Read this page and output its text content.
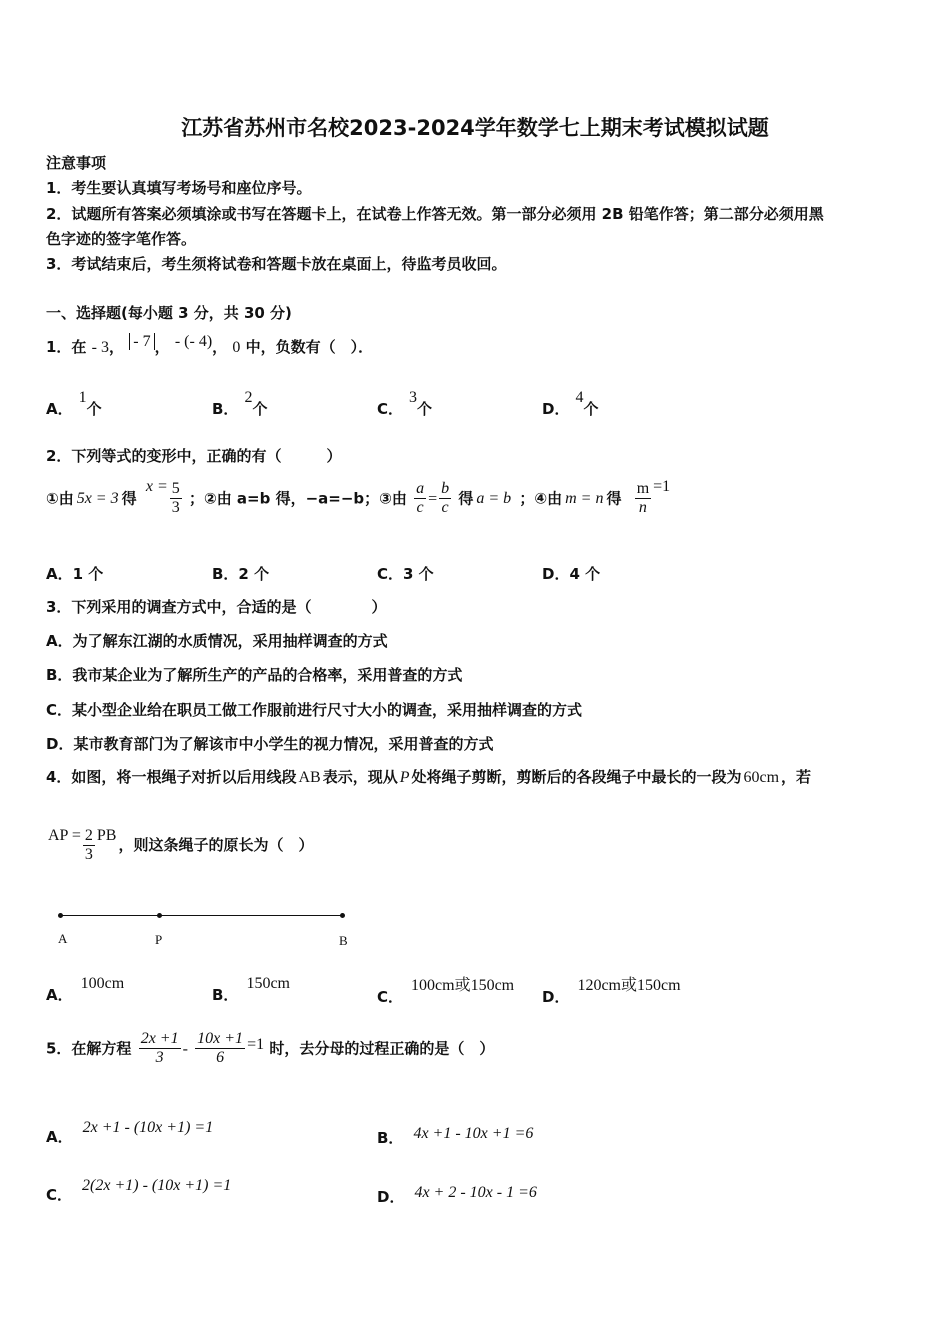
江苏省苏州市名校2023-2024学年数学七上期末考试模拟试题
注意事项
1．考生要认真填写考场号和座位序号。
2．试题所有答案必须填涂或书写在答题卡上，在试卷上作答无效。第一部分必须用 2B 铅笔作答；第二部分必须用黑
色字迹的签字笔作答。
3．考试结束后，考生须将试卷和答题卡放在桌面上，待监考员收回。
一、选择题(每小题 3 分，共 30 分)
1．在 - 3， - 7 ， - (- 4)， 0 中，负数有（　）．
A．1个	B．2个	C．3个	D．4个
2．下列等式的变形中，正确的有（　　　）
①由 5x = 3 得 $x = \frac{5}{3}$ ；②由 a=b 得，−a=−b；③由 $\frac{a}{c} = \frac{b}{c}$ 得 a = b ；④由 m = n 得 $\frac{m}{n} =1$
A．1 个	B．2 个	C．3 个	D．4 个
3．下列采用的调查方式中，合适的是（　　　　）
A．为了解东江湖的水质情况，采用抽样调查的方式
B．我市某企业为了解所生产的产品的合格率，采用普查的方式
C．某小型企业给在职员工做工作服前进行尺寸大小的调查，采用抽样调查的方式
D．某市教育部门为了解该市中小学生的视力情况，采用普查的方式
4．如图，将一根绳子对折以后用线段 AB 表示，现从 P 处将绳子剪断，剪断后的各段绳子中最长的一段为 60cm ，若
AP = $\frac{2}{3}$ PB，则这条绳子的原长为（　）
A	P	B
A．100cm
B．150cm
C．100cm或150cm
D．120cm或150cm
5．在解方程 $\frac{2x +1}{3} - \frac{10x +1}{6} =1$ 时，去分母的过程正确的是（　）
A．2x +1 - (10x +1) =1
B． 4x +1 - 10x +1 =6
C．2(2x +1) - (10x +1) =1
D． 4x + 2 - 10x - 1 =6
